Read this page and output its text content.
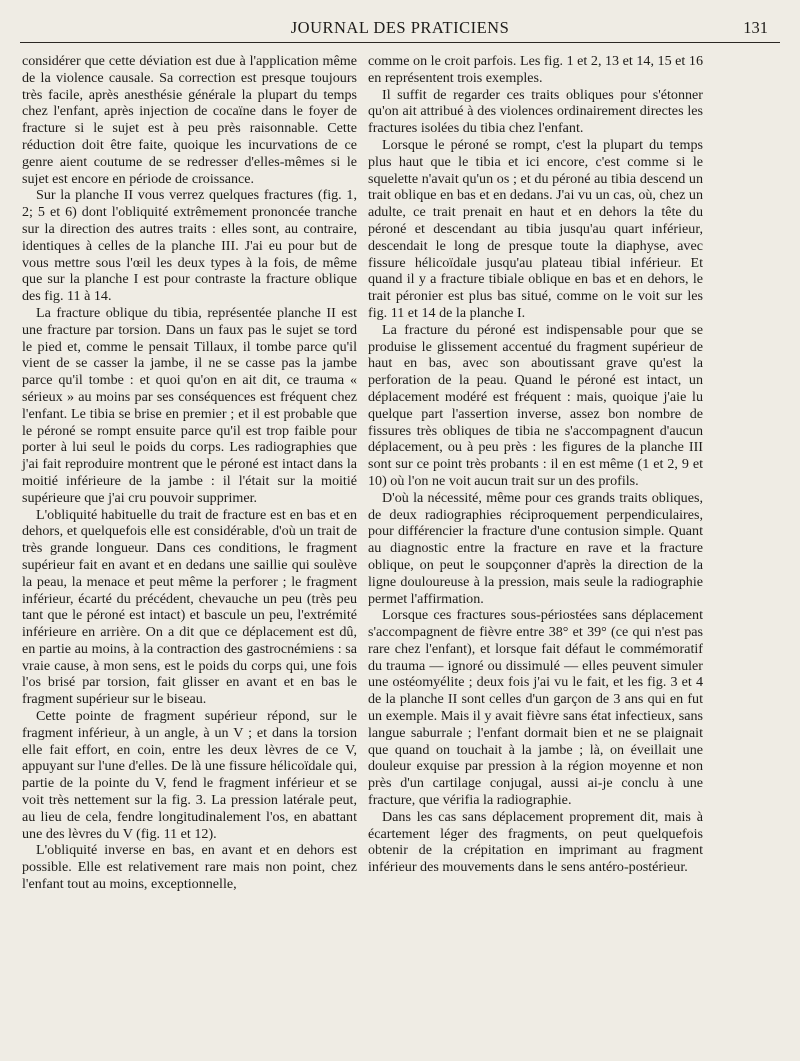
JOURNAL DES PRATICIENS	131

considérer que cette déviation est due à l'application même de la violence causale. Sa correction est presque toujours très facile, après anesthésie générale la plupart du temps chez l'enfant, après injection de cocaïne dans le foyer de fracture si le sujet est à peu près raisonnable. Cette réduction doit être faite, quoique les incurvations de ce genre aient coutume de se redresser d'elles-mêmes si le sujet est encore en période de croissance.

Sur la planche II vous verrez quelques fractures (fig. 1, 2; 5 et 6) dont l'obliquité extrêmement prononcée tranche sur la direction des autres traits : elles sont, au contraire, identiques à celles de la planche III. J'ai eu pour but de vous mettre sous l'œil les deux types à la fois, de même que sur la planche I est pour contraste la fracture oblique des fig. 11 à 14.

La fracture oblique du tibia, représentée planche II est une fracture par torsion. Dans un faux pas le sujet se tord le pied et, comme le pensait Tillaux, il tombe parce qu'il vient de se casser la jambe, il ne se casse pas la jambe parce qu'il tombe : et quoi qu'on en ait dit, ce trauma « sérieux » au moins par ses conséquences est fréquent chez l'enfant. Le tibia se brise en premier ; et il est probable que le péroné se rompt ensuite parce qu'il est trop faible pour porter à lui seul le poids du corps. Les radiographies que j'ai fait reproduire montrent que le péroné est intact dans la moitié inférieure de la jambe : il l'était sur la moitié supérieure que j'ai cru pouvoir supprimer.

L'obliquité habituelle du trait de fracture est en bas et en dehors, et quelquefois elle est considérable, d'où un trait de très grande longueur. Dans ces conditions, le fragment supérieur fait en avant et en dedans une saillie qui soulève la peau, la menace et peut même la perforer ; le fragment inférieur, écarté du précédent, chevauche un peu (très peu tant que le péroné est intact) et bascule un peu, l'extrémité inférieure en arrière. On a dit que ce déplacement est dû, en partie au moins, à la contraction des gastrocnémiens : sa vraie cause, à mon sens, est le poids du corps qui, une fois l'os brisé par torsion, fait glisser en avant et en bas le fragment supérieur sur le biseau.

Cette pointe de fragment supérieur répond, sur le fragment inférieur, à un angle, à un V ; et dans la torsion elle fait effort, en coin, entre les deux lèvres de ce V, appuyant sur l'une d'elles. De là une fissure hélicoïdale qui, partie de la pointe du V, fend le fragment inférieur et se voit très nettement sur la fig. 3. La pression latérale peut, au lieu de cela, fendre longitudinalement l'os, en abattant une des lèvres du V (fig. 11 et 12).

L'obliquité inverse en bas, en avant et en dehors est possible. Elle est relativement rare mais non point, chez l'enfant tout au moins, exceptionnelle,

comme on le croit parfois. Les fig. 1 et 2, 13 et 14, 15 et 16 en représentent trois exemples.

Il suffit de regarder ces traits obliques pour s'étonner qu'on ait attribué à des violences ordinairement directes les fractures isolées du tibia chez l'enfant.

Lorsque le péroné se rompt, c'est la plupart du temps plus haut que le tibia et ici encore, c'est comme si le squelette n'avait qu'un os ; et du péroné au tibia descend un trait oblique en bas et en dedans. J'ai vu un cas, où, chez un adulte, ce trait prenait en haut et en dehors la tête du péroné et descendant au tibia jusqu'au quart inférieur, descendait le long de presque toute la diaphyse, avec fissure hélicoïdale jusqu'au plateau tibial inférieur. Et quand il y a fracture tibiale oblique en bas et en dehors, le trait péronier est plus bas situé, comme on le voit sur les fig. 11 et 14 de la planche I.

La fracture du péroné est indispensable pour que se produise le glissement accentué du fragment supérieur de haut en bas, avec son aboutissant grave qu'est la perforation de la peau. Quand le péroné est intact, un déplacement modéré est fréquent : mais, quoique j'aie lu quelque part l'assertion inverse, assez bon nombre de fissures très obliques de tibia ne s'accompagnent d'aucun déplacement, ou à peu près : les figures de la planche III sont sur ce point très probants : il en est même (1 et 2, 9 et 10) où l'on ne voit aucun trait sur un des profils.

D'où la nécessité, même pour ces grands traits obliques, de deux radiographies réciproquement perpendiculaires, pour différencier la fracture d'une contusion simple. Quant au diagnostic entre la fracture en rave et la fracture oblique, on peut le soupçonner d'après la direction de la ligne douloureuse à la pression, mais seule la radiographie permet l'affirmation.

Lorsque ces fractures sous-périostées sans déplacement s'accompagnent de fièvre entre 38° et 39° (ce qui n'est pas rare chez l'enfant), et lorsque fait défaut le commémoratif du trauma — ignoré ou dissimulé — elles peuvent simuler une ostéomyélite ; deux fois j'ai vu le fait, et les fig. 3 et 4 de la planche II sont celles d'un garçon de 3 ans qui en fut un exemple. Mais il y avait fièvre sans état infectieux, sans langue saburrale ; l'enfant dormait bien et ne se plaignait que quand on touchait à la jambe ; là, on éveillait une douleur exquise par pression à la région moyenne et non près d'un cartilage conjugal, aussi ai-je conclu à une fracture, que vérifia la radiographie.

Dans les cas sans déplacement proprement dit, mais à écartement léger des fragments, on peut quelquefois obtenir de la crépitation en imprimant au fragment inférieur des mouvements dans le sens antéro-postérieur.
